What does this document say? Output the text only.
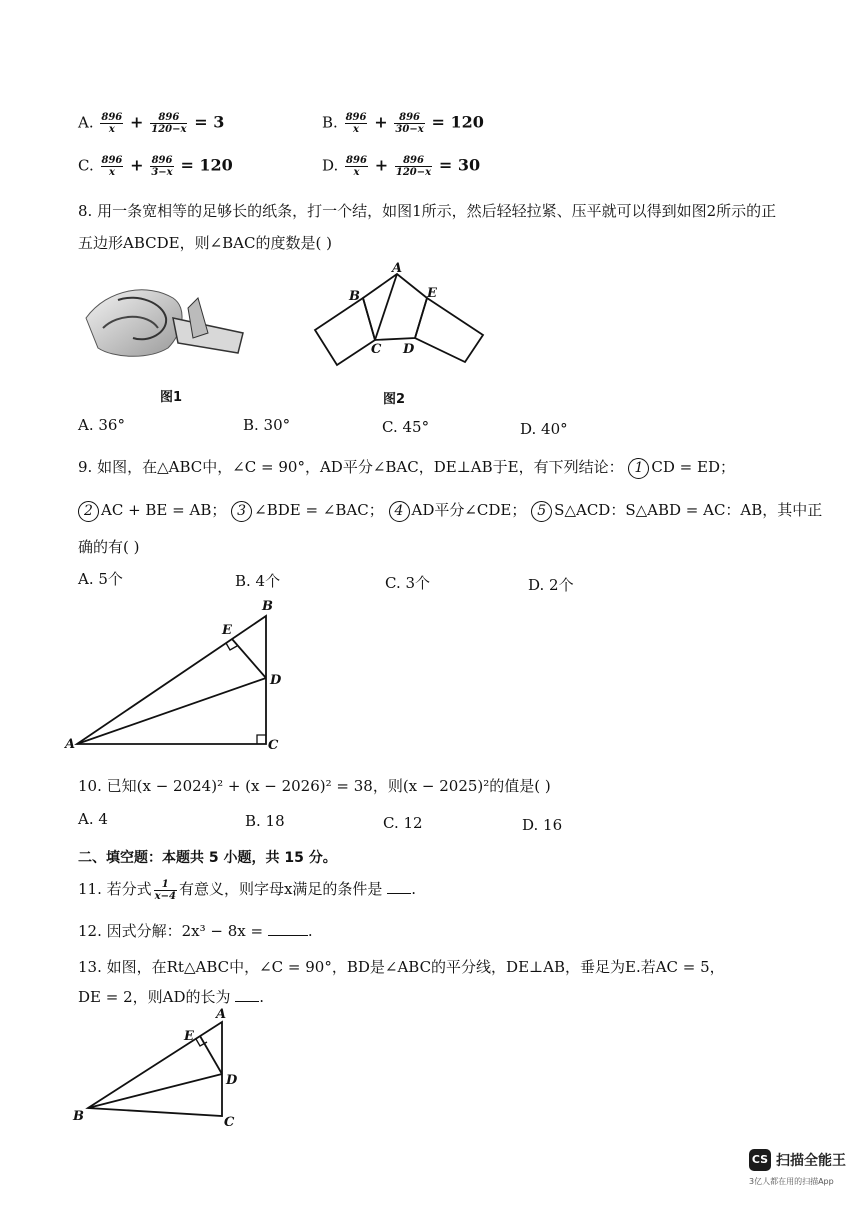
A. $\frac{896}{x} + \frac{896}{120-x} = 3$	B. $\frac{896}{x} + \frac{896}{30-x} = 120$
C. $\frac{896}{x} + \frac{896}{3-x} = 120$	D. $\frac{896}{x} + \frac{896}{120-x} = 30$
8. 用一条宽相等的足够长的纸条，打一个结，如图1所示，然后轻轻拉紧、压平就可以得到如图2所示的正
五边形ABCDE，则∠BAC的度数是( )
图1
A
B
C D
E
图2
A. 36°	B. 30°	C. 45°	D. 40°
9. 如图，在△ABC中，∠C = 90°，AD平分∠BAC，DE⊥AB于E，有下列结论： 1 CD = ED；
2 AC + BE = AB； 3 ∠BDE = ∠BAC； 4 AD平分∠CDE； 5 S△ACD：S△ABD = AC：AB，其中正
确的有( )
A. 5个	B. 4个	C. 3个	D. 2个
A
B
C
D
E
10. 已知(x − 2024)² + (x − 2026)² = 38，则(x − 2025)²的值是( )
A. 4	B. 18	C. 12	D. 16
二、填空题：本题共 5 小题，共 15 分。
11. 若分式 $\frac{1}{x-4}$ 有意义，则字母x满足的条件是 .
12. 因式分解：2x³ − 8x =	.
13. 如图，在Rt△ABC中，∠C = 90°，BD是∠ABC的平分线，DE⊥AB，垂足为E.若AC = 5，
DE = 2，则AD的长为 .
A
B	C
D
E
CS 扫描全能王
3亿人都在用的扫描App
